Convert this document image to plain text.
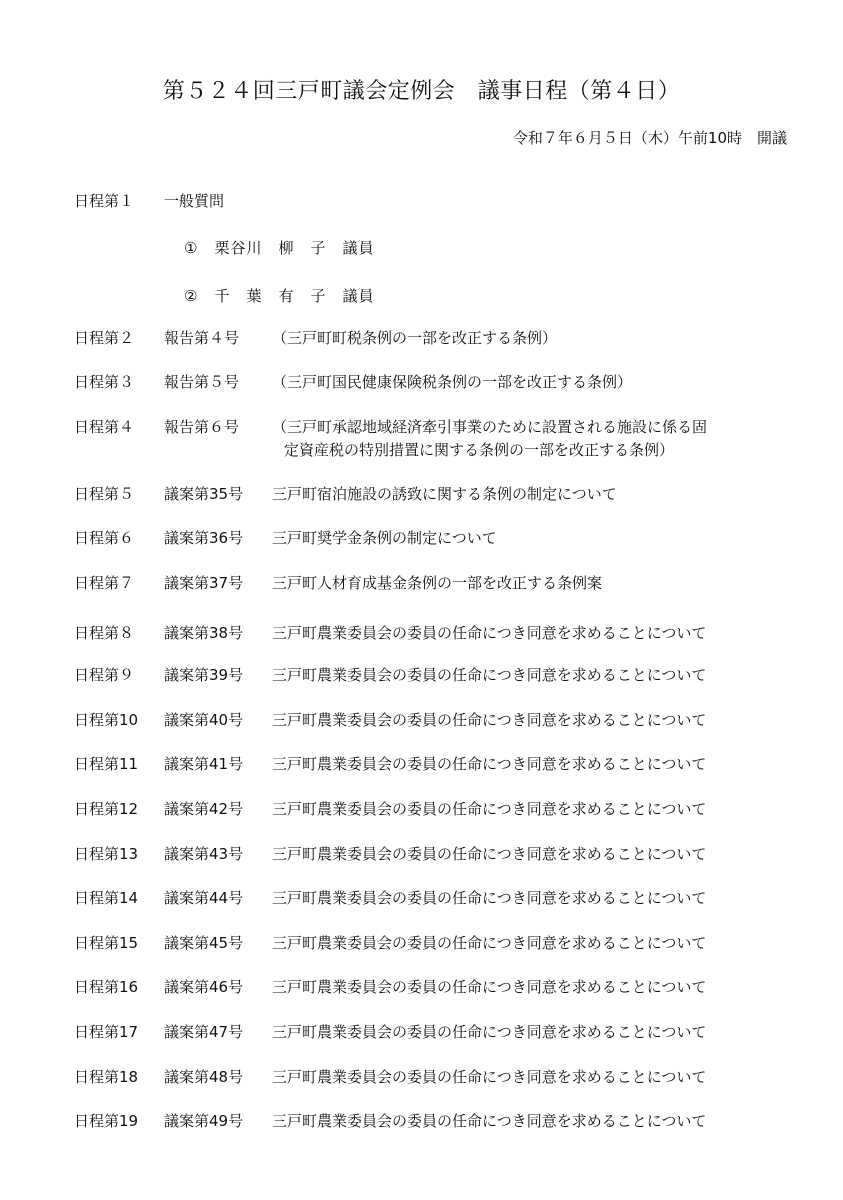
第５２４回三戸町議会定例会　議事日程（第４日）
令和７年６月５日（木）午前10時　開議
日程第１ 一般質問
①　栗谷川　柳　子　議員
②　千　葉　有　子　議員
日程第２ 報告第４号 （三戸町町税条例の一部を改正する条例）
日程第３ 報告第５号 （三戸町国民健康保険税条例の一部を改正する条例）
日程第４ 報告第６号 （三戸町承認地域経済牽引事業のために設置される施設に係る固
定資産税の特別措置に関する条例の一部を改正する条例）
日程第５ 議案第35号 三戸町宿泊施設の誘致に関する条例の制定について
日程第６ 議案第36号 三戸町奨学金条例の制定について
日程第７ 議案第37号 三戸町人材育成基金条例の一部を改正する条例案
日程第８ 議案第38号 三戸町農業委員会の委員の任命につき同意を求めることについて
日程第９ 議案第39号 三戸町農業委員会の委員の任命につき同意を求めることについて
日程第10 議案第40号 三戸町農業委員会の委員の任命につき同意を求めることについて
日程第11 議案第41号 三戸町農業委員会の委員の任命につき同意を求めることについて
日程第12 議案第42号 三戸町農業委員会の委員の任命につき同意を求めることについて
日程第13 議案第43号 三戸町農業委員会の委員の任命につき同意を求めることについて
日程第14 議案第44号 三戸町農業委員会の委員の任命につき同意を求めることについて
日程第15 議案第45号 三戸町農業委員会の委員の任命につき同意を求めることについて
日程第16 議案第46号 三戸町農業委員会の委員の任命につき同意を求めることについて
日程第17 議案第47号 三戸町農業委員会の委員の任命につき同意を求めることについて
日程第18 議案第48号 三戸町農業委員会の委員の任命につき同意を求めることについて
日程第19 議案第49号 三戸町農業委員会の委員の任命につき同意を求めることについて
